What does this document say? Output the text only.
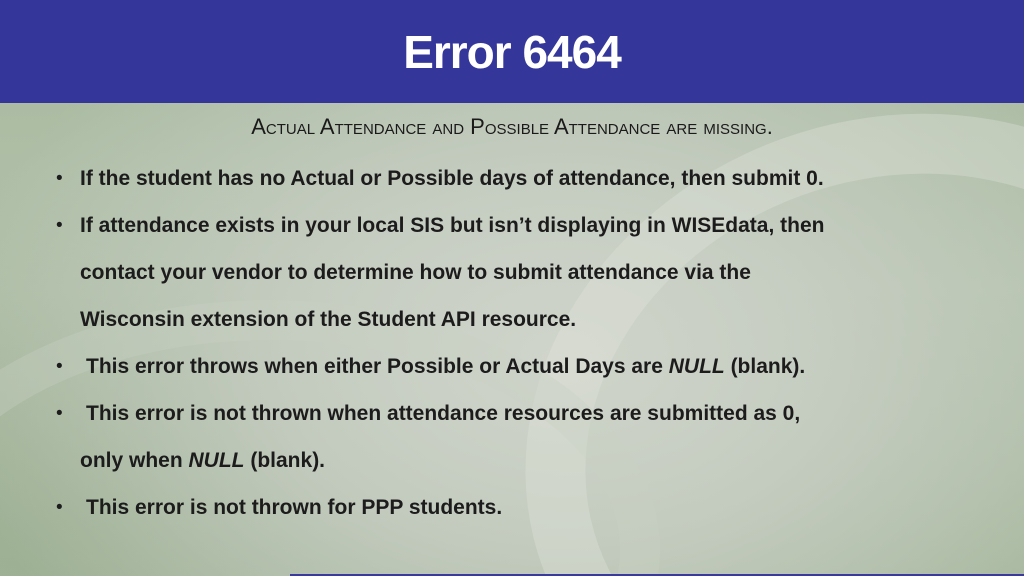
Error 6464
Actual Attendance and Possible Attendance are missing.
• If the student has no Actual or Possible days of attendance, then submit 0.
• If attendance exists in your local SIS but isn’t displaying in WISEdata, then
contact your vendor to determine how to submit attendance via the
Wisconsin extension of the Student API resource.
• This error throws when either Possible or Actual Days are NULL (blank).
• This error is not thrown when attendance resources are submitted as 0,
only when NULL (blank).
• This error is not thrown for PPP students.
